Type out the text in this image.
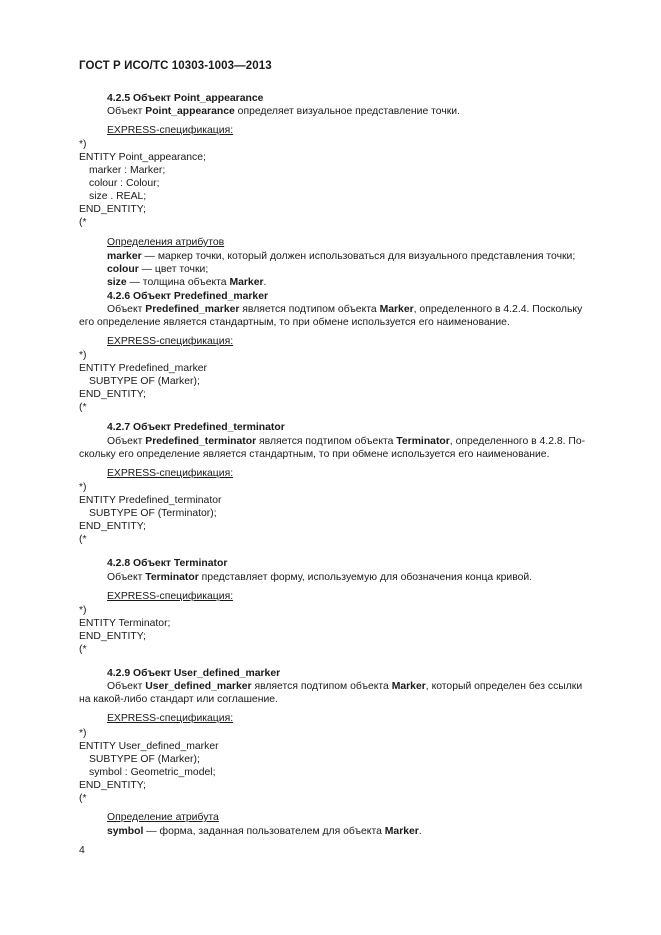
ГОСТ Р ИСО/ТС 10303-1003—2013
4.2.5 Объект Point_appearance
Объект Point_appearance определяет визуальное представление точки.
EXPRESS-спецификация:
*)
ENTITY Point_appearance;
marker : Marker;
colour : Colour;
size . REAL;
END_ENTITY;
(*
Определения атрибутов
marker — маркер точки, который должен использоваться для визуального представления точки;
colour — цвет точки;
size — толщина объекта Marker.
4.2.6 Объект Predefined_marker
Объект Predefined_marker является подтипом объекта Marker, определенного в 4.2.4. Поскольку
его определение является стандартным, то при обмене используется его наименование.
EXPRESS-спецификация:
*)
ENTITY Predefined_marker
SUBTYPE OF (Marker);
END_ENTITY;
(*
4.2.7 Объект Predefined_terminator
Объект Predefined_terminator является подтипом объекта Terminator, определенного в 4.2.8. По-
скольку его определение является стандартным, то при обмене используется его наименование.
EXPRESS-спецификация:
*)
ENTITY Predefined_terminator
SUBTYPE OF (Terminator);
END_ENTITY;
(*
4.2.8 Объект Terminator
Объект Terminator представляет форму, используемую для обозначения конца кривой.
EXPRESS-спецификация:
*)
ENTITY Terminator;
END_ENTITY;
(*
4.2.9 Объект User_defined_marker
Объект User_defined_marker является подтипом объекта Marker, который определен без ссылки
на какой-либо стандарт или соглашение.
EXPRESS-спецификация:
*)
ENTITY User_defined_marker
SUBTYPE OF (Marker);
symbol : Geometric_model;
END_ENTITY;
(*
Определение атрибута
symbol — форма, заданная пользователем для объекта Marker.
4
